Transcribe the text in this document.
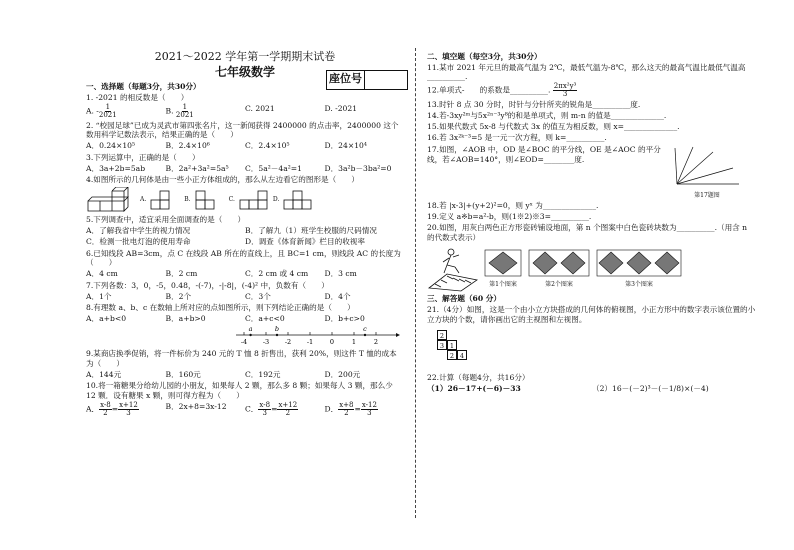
2021～2022 学年第一学期期末试卷

七年级数学	座位号
一、选择题（每题3分，共30分）
1. -2021 的相反数是（　　）
A. - $\frac{1}{2021}$	B. $\frac{1}{2021}$	C. 2021	D. -2021
2. “校园足球”已成为灵武市第四张名片，这一新闻获得 2400000 的点击率，2400000 这个数用科学记数法表示，结果正确的是（　　）
A．0.24×10⁵	B．2.4×10⁶	C．2.4×10⁵	D．24×10⁴
3.下列运算中，正确的是（　　）
A．3a+2b=5ab	B．2a²+3a²=5a⁵	C．5a²－4a²=1	D．3a²b－3ba²=0
4.如图所示的几何体是由一些小正方体组成的，那么从左边看它的图形是（　　）
A.	B.	C.	D.
5.下列调查中，适宜采用全面调查的是（　　）
A．了解我省中学生的视力情况	B．了解九（1）班学生校服的尺码情况
C．检测一批电灯泡的使用寿命	D．调查《体育新闻》栏目的收视率
6.已知线段 AB=3cm，点 C 在线段 AB 所在的直线上，且 BC=1 cm，则线段 AC 的长度为（　　）
A．4 cm	B．2 cm	C．2 cm 或 4 cm	D．3 cm
7.下列各数：3，0，-5，0.48，-(-7)，-|-8|，(-4)² 中，负数有（　　）
A．1个	B．2个	C．3个	D．4个
8.有理数 a、b、c 在数轴上所对应的点如图所示，则下列结论正确的是（　　）
A．a+b<0	B．a+b>0	C．a+c<0	D．b+c>0
-4 -3 -2 -1	0	1	2
a	b	c
9.某商店换季促销，将一件标价为 240 元的 T 恤 8 折售出，获利 20%，则这件 T 恤的成本为（　　）
A．144元	B．160元	C．192元	D．200元
10.将一箱糖果分给幼儿园的小朋友，如果每人 2 颗，那么多 8 颗；如果每人 3 颗，那么少 12 颗．设有糖果 x 颗，则可得方程为（　　）
A． $\frac{x-8}{2} = \frac{x+12}{3}$	B．2x+8=3x-12	C． $\frac{x-8}{3} = \frac{x+12}{2}$	D． $\frac{x+8}{2} = \frac{x-12}{3}$
二、填空题（每空3分，共30分）
11.某市 2021 年元旦的最高气温为 2℃，最低气温为-8℃，那么这天的最高气温比最低气温高__________.
12.单项式-　　的系数是__________. $\frac{\text{2πx²y³}}{3}$
13.时针 8 点 30 分时，时针与分针所夹的锐角是__________度.
14.若-3xy²ᵐ与5x²ⁿ⁻³y⁸的和是单项式，则 m-n 的值是______________.
15.如果代数式 5x-8 与代数式 3x 的值互为相反数，则 x=______________.
16.若 3x²ᵏ⁻³=5 是一元一次方程，则 k=__________.
17.如图，∠AOB 中，OD 是∠BOC 的平分线，OE 是∠AOC 的平分线，若∠AOB=140°，则∠EOD=________度.
第17题图
18.若 |x-3|+(y+2)²=0，则 yˣ 为______________.
19.定义 a※b=a²-b，则(1※2)※3=__________.
20.如图，用灰白两色正方形瓷砖铺设地面，第 n 个图案中白色瓷砖块数为__________.（用含 n 的代数式表示）
第1个图案	第2个图案	第3个图案
三、解答题（60 分）
21.（4分）如图，这是一个由小立方块搭成的几何体的俯视图，小正方形中的数字表示该位置的小立方块的个数，请你画出它的主视图和左视图。
2
3 1
2 4
22.计算（每题4分，共16分）
（1）26－17+(－6)－33	（2）16－(－2)³－(－1/8)×(－4)
